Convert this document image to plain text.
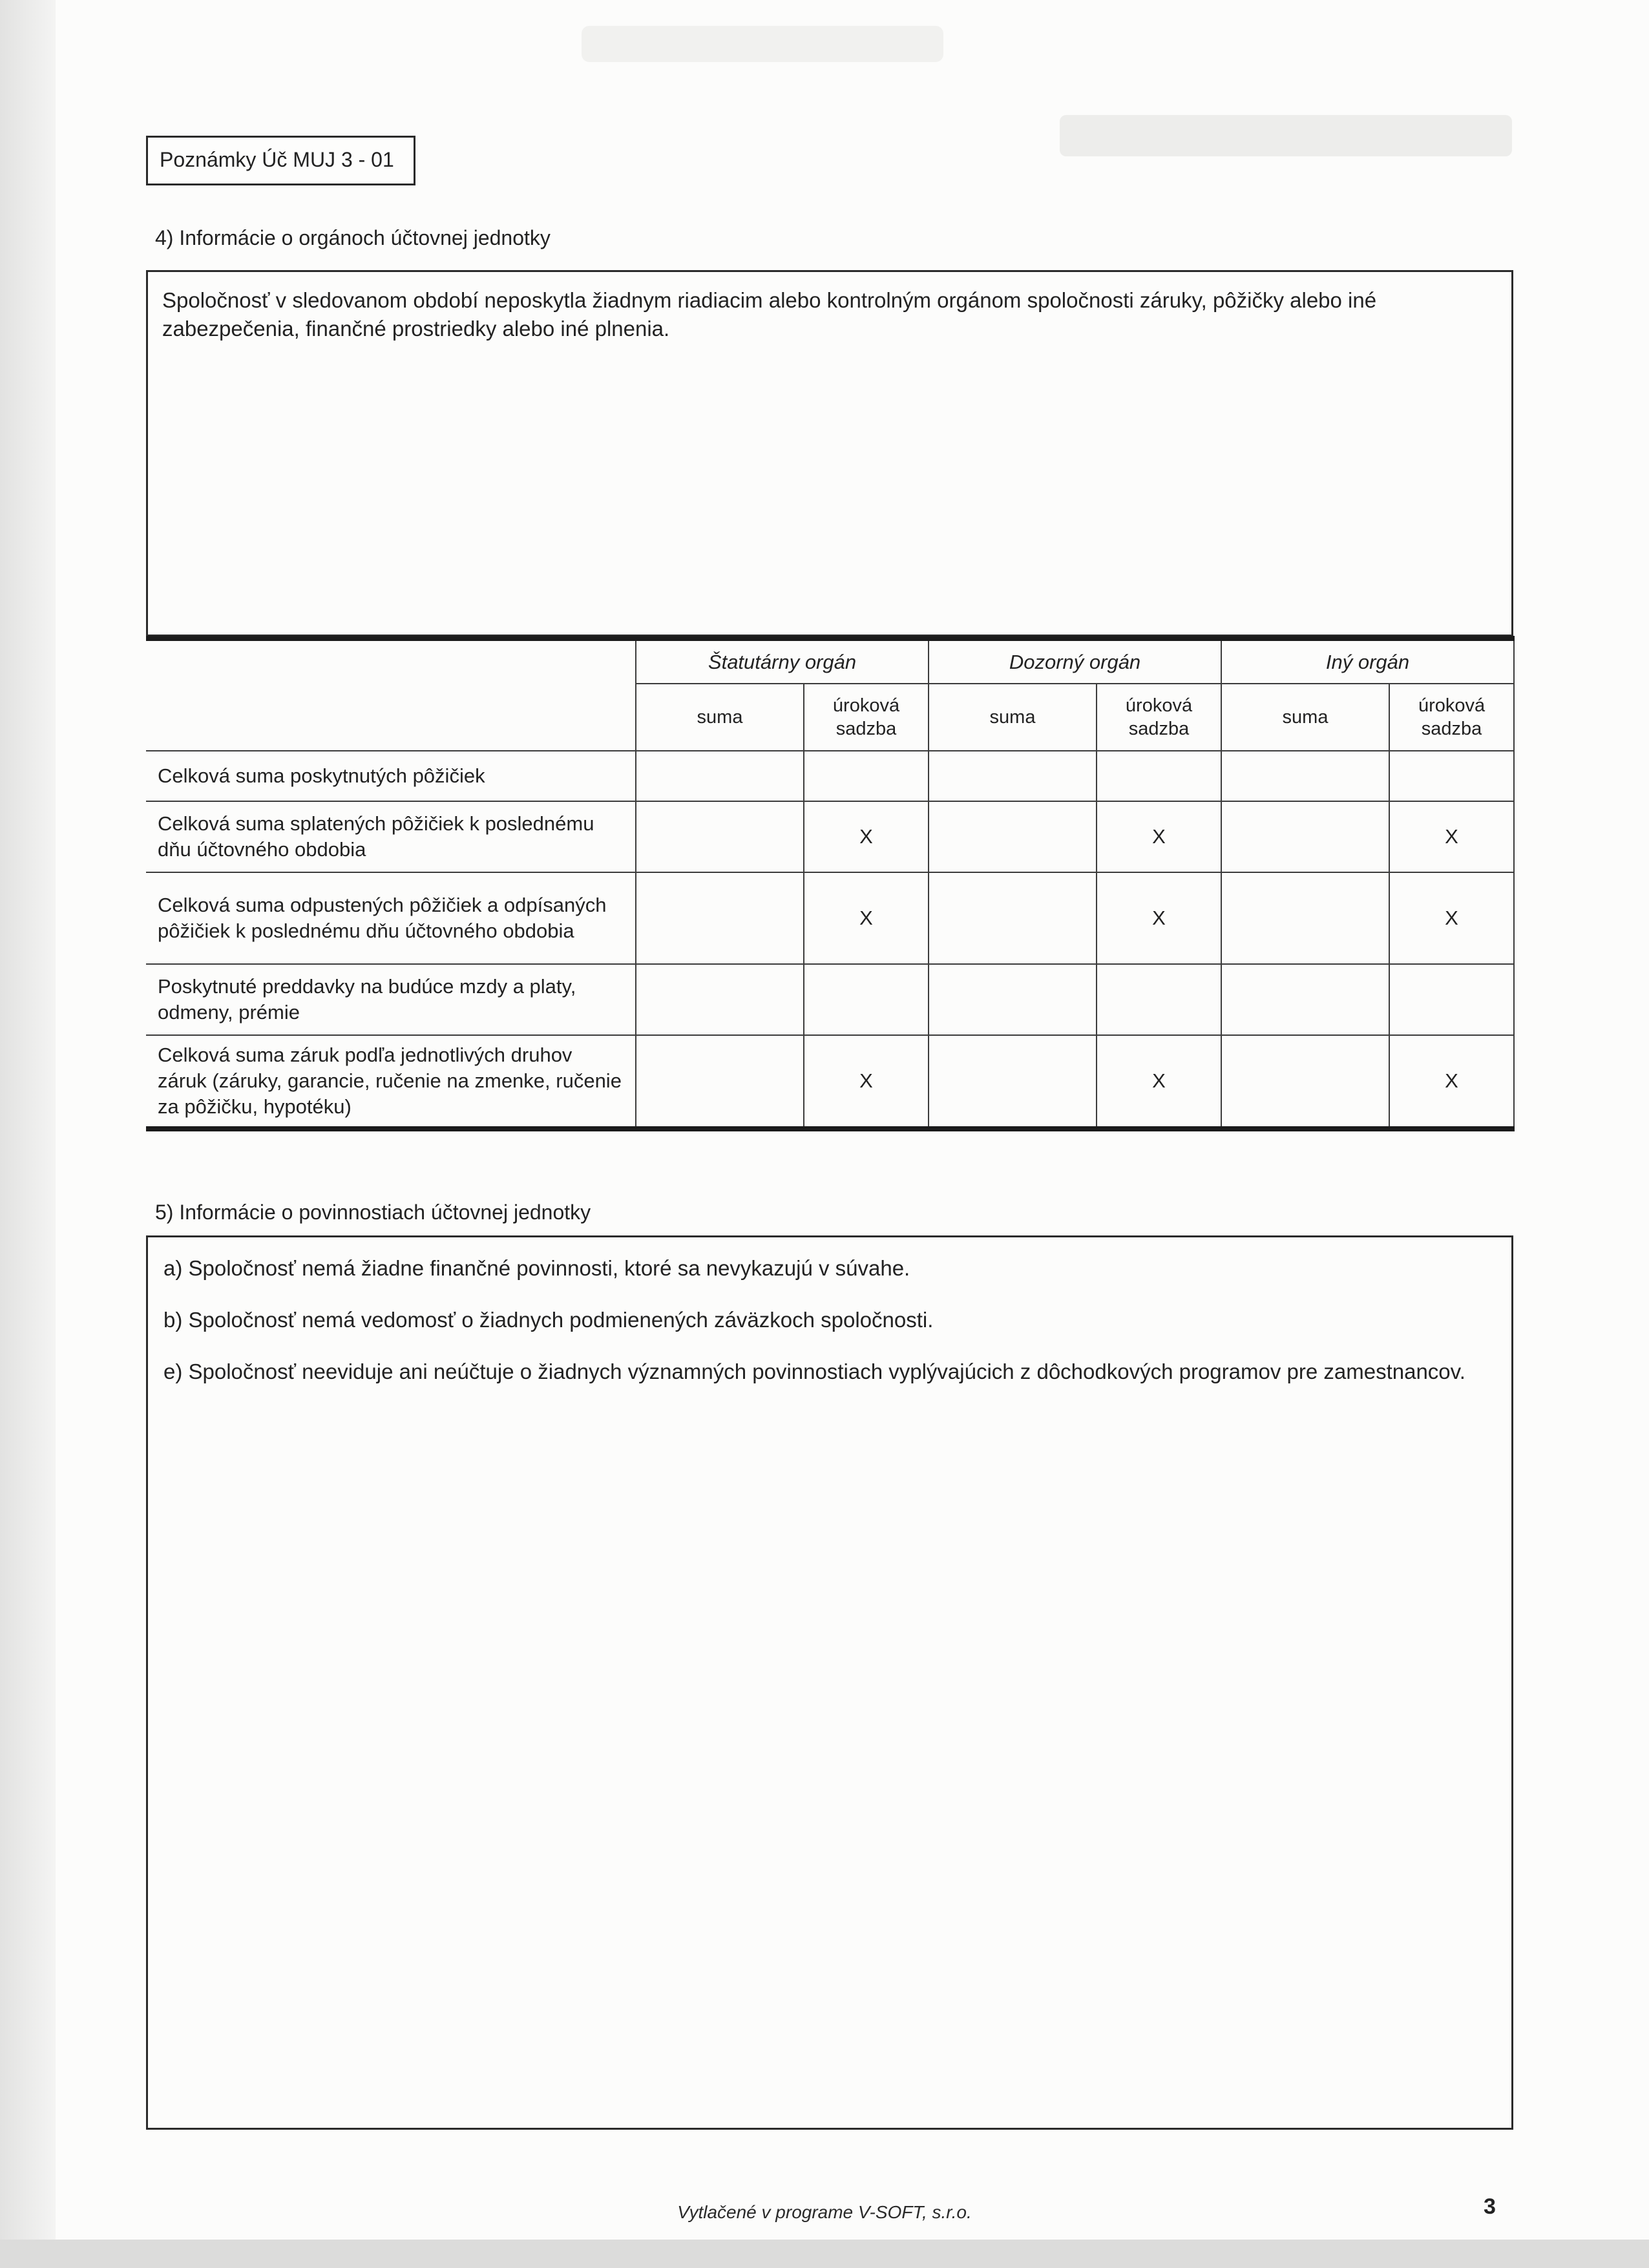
Poznámky Úč MUJ 3 - 01
4) Informácie o orgánoch účtovnej jednotky
Spoločnosť v sledovanom období neposkytla žiadnym riadiacim alebo kontrolným orgánom spoločnosti záruky, pôžičky alebo iné zabezpečenia, finančné prostriedky alebo iné plnenia.
	Štatutárny orgán		Dozorný orgán		Iný orgán	
	suma	úroková sadzba	suma	úroková sadzba	suma	úroková sadzba
Celková suma poskytnutých pôžičiek						
Celková suma splatených pôžičiek k poslednému dňu účtovného obdobia		X		X		X
Celková suma odpustených pôžičiek a odpísaných pôžičiek k poslednému dňu účtovného obdobia		X		X		X
Poskytnuté preddavky na budúce mzdy a platy, odmeny, prémie						
Celková suma záruk podľa jednotlivých druhov záruk (záruky, garancie, ručenie na zmenke, ručenie za pôžičku, hypotéku)		X		X		X
5) Informácie o povinnostiach účtovnej jednotky

a) Spoločnosť nemá žiadne finančné povinnosti, ktoré sa nevykazujú v súvahe.

b) Spoločnosť nemá vedomosť o žiadnych podmienených záväzkoch spoločnosti.

e) Spoločnosť neeviduje ani neúčtuje o žiadnych významných povinnostiach vyplývajúcich z dôchodkových programov pre zamestnancov.

Vytlačené v programe V-SOFT, s.r.o.	3
